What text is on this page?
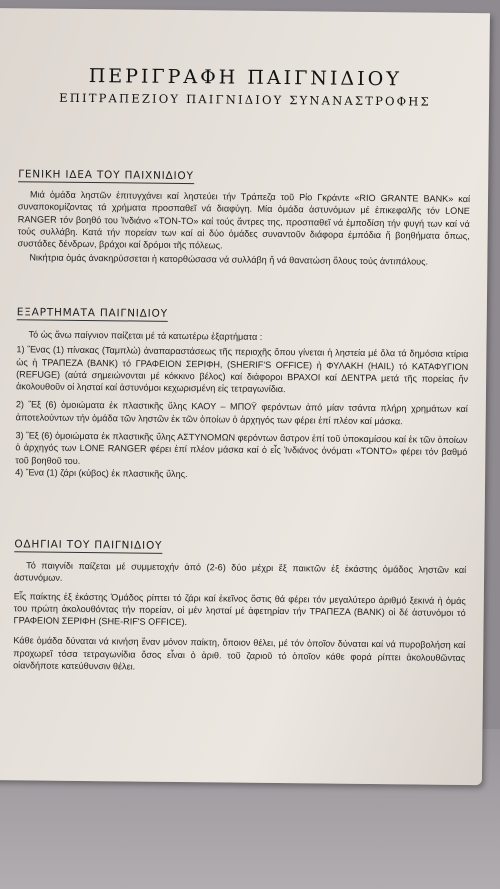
ΠΕΡΙΓΡΑΦΗ ΠΑΙΓΝΙΔΙΟΥ
ΕΠΙΤΡΑΠΕΖΙΟΥ ΠΑΙΓΝΙΔΙΟΥ ΣΥΝΑΝΑΣΤΡΟΦΗΣ
ΓΕΝΙΚΗ ΙΔΕΑ ΤΟΥ ΠΑΙΧΝΙΔΙΟΥ

Μιά ὁμάδα ληστῶν ἐπιτυγχάνει καί ληστεύει τήν Τράπεζα τοῦ Ρίο Γκράντε «RIO GRANTE BANK» καί συναποκομίζοντας τά χρήματα προσπαθεῖ νά διαφύγη. Μία ὁμάδα ἀστυνόμων μέ ἐπικεφαλῆς τόν LONE RANGER τόν βοηθό του Ἰνδιάνο «TON-TO» καί τούς ἄντρες της, προσπαθεῖ νά ἐμποδίση τήν φυγή των καί νά τούς συλλάβη. Κατά τήν πορείαν των καί αἱ δύο ὁμάδες συναντοῦν διάφορα ἐμπόδια ἤ βοηθήματα ὅπως, συστάδες δένδρων, βράχοι καί δρόμοι τῆς πόλεως.

Νικήτρια ὁμάς ἀνακηρύσσεται ἡ κατορθώσασα νά συλλάβη ἤ νά θανατώση ὅλους τούς ἀντιπάλους.

ΕΞΑΡΤΗΜΑΤΑ ΠΑΙΓΝΙΔΙΟΥ

Τό ὡς ἄνω παίγνιον παίζεται μέ τά κατωτέρω ἐξαρτήματα :

1) Ἕνας (1) πίνακας (Ταμπλώ) ἀναπαραστάσεως τῆς περιοχῆς ὅπου γίνεται ἡ ληστεία μέ ὅλα τά δημόσια κτίρια ὡς ἡ ΤΡΑΠΕΖΑ (BANK) τό ΓΡΑΦΕΙΟΝ ΣΕΡΙΦΗ, (SHERIF'S OFFICE) ἡ ΦΥΛΑΚΗ (HAIL) τό ΚΑΤΑΦΥΓΙΟΝ (REFUGE) (αὐτά σημειώνονται μέ κόκκινο βέλος) καί διάφοροι ΒΡΑΧΟΙ καί ΔΕΝΤΡΑ μετά τῆς πορείας ἥν ἀκολουθοῦν οἱ λησταί καί ἀστυνόμοι κεχωρισμένη εἰς τετραγωνίδια.

2) Ἕξ (6) ὁμοιώματα ἐκ πλαστικῆς ὕλης ΚΑΟΥ – ΜΠΟΫ φερόντων ἀπό μίαν τσάντα πλήρη χρημάτων καί ἀποτελούντων τήν ὁμάδα τῶν ληστῶν ἐκ τῶν ὁποίων ὁ ἀρχηγός των φέρει ἐπί πλέον καί μάσκα.

3) Ἕξ (6) ὁμοιώματα ἐκ πλαστικῆς ὕλης ΑΣΤΥΝΟΜΩΝ φερόντων ἄστρον ἐπί τοῦ ὑποκαμίσου καί ἐκ τῶν ὁποίων ὁ ἀρχηγός των LONE RANGER φέρει ἐπί πλέον μάσκα καί ὁ εἷς Ἰνδιάνος ὀνόματι «ΤΟΝΤΟ» φέρει τόν βαθμό τοῦ βοηθοῦ του.

4) Ἕνα (1) ζάρι (κύβος) ἐκ πλαστικῆς ὕλης.

ΟΔΗΓΙΑΙ ΤΟΥ ΠΑΙΓΝΙΔΙΟΥ

Τό παιγνίδι παίζεται μέ συμμετοχήν ἀπό (2-6) δύο μέχρι ἕξ παικτῶν ἐξ ἑκάστης ὁμάδος ληστῶν καί ἀστυνόμων.

Εἷς παίκτης ἐξ ἑκάστης Ὁμάδος ρίπτει τό ζάρι καί ἐκεῖνος ὅστις θά φέρει τόν μεγαλύτερο ἀριθμό ξεκινά ἡ ὁμάς του πρώτη ἀκολουθόντας τήν πορείαν, οἱ μέν λησταί μέ ἀφετηρίαν τήν ΤΡΑΠΕΖΑ (BANK) οἱ δέ ἀστυνόμοι τό ΓΡΑΦΕΙΟΝ ΣΕΡΙΦΗ (SHE-RIF'S OFFICE).

Κάθε ὁμάδα δύναται νά κινήση ἕναν μόνον παίκτη, ὅποιον θέλει, μέ τόν ὁποῖον δύναται καί νά πυροβολήση καί προχωρεῖ τόσα τετραγωνίδια ὅσος εἶναι ὁ ἀριθ. τοῦ ζαριοῦ τό ὁποῖον κάθε φορά ρίπτει ἀκολουθῶντας οἱανδήποτε κατεύθυνσιν θέλει.
